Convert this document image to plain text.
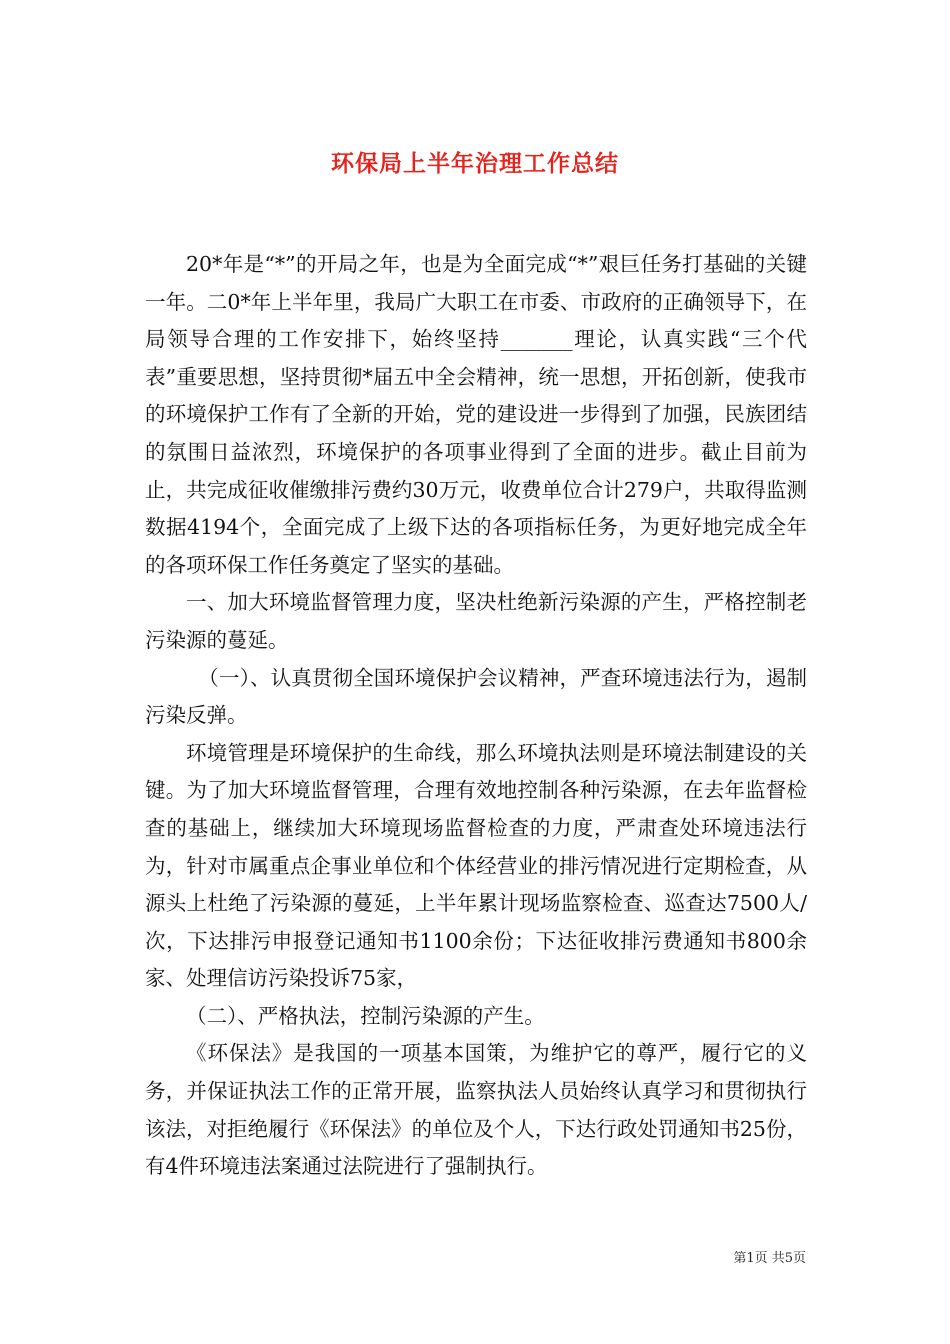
环保局上半年治理工作总结

20*年是“*”的开局之年，也是为全面完成“*”艰巨任务打基础的关键一年。二0*年上半年里，我局广大职工在市委、市政府的正确领导下，在局领导合理的工作安排下，始终坚持_______理论，认真实践“三个代表”重要思想，坚持贯彻*届五中全会精神，统一思想，开拓创新，使我市的环境保护工作有了全新的开始，党的建设进一步得到了加强，民族团结的氛围日益浓烈，环境保护的各项事业得到了全面的进步。截止目前为止，共完成征收催缴排污费约30万元，收费单位合计279户，共取得监测数据4194个，全面完成了上级下达的各项指标任务，为更好地完成全年的各项环保工作任务奠定了坚实的基础。

一、加大环境监督管理力度，坚决杜绝新污染源的产生，严格控制老污染源的蔓延。

（一）、认真贯彻全国环境保护会议精神，严查环境违法行为，遏制污染反弹。

环境管理是环境保护的生命线，那么环境执法则是环境法制建设的关键。为了加大环境监督管理，合理有效地控制各种污染源，在去年监督检查的基础上，继续加大环境现场监督检查的力度，严肃查处环境违法行为，针对市属重点企事业单位和个体经营业的排污情况进行定期检查，从源头上杜绝了污染源的蔓延，上半年累计现场监察检查、巡查达7500人/次，下达排污申报登记通知书1100余份；下达征收排污费通知书800余家、处理信访污染投诉75家，

（二）、严格执法，控制污染源的产生。

《环保法》是我国的一项基本国策，为维护它的尊严，履行它的义务，并保证执法工作的正常开展，监察执法人员始终认真学习和贯彻执行该法，对拒绝履行《环保法》的单位及个人，下达行政处罚通知书25份，有4件环境违法案通过法院进行了强制执行。

第1页 共5页
